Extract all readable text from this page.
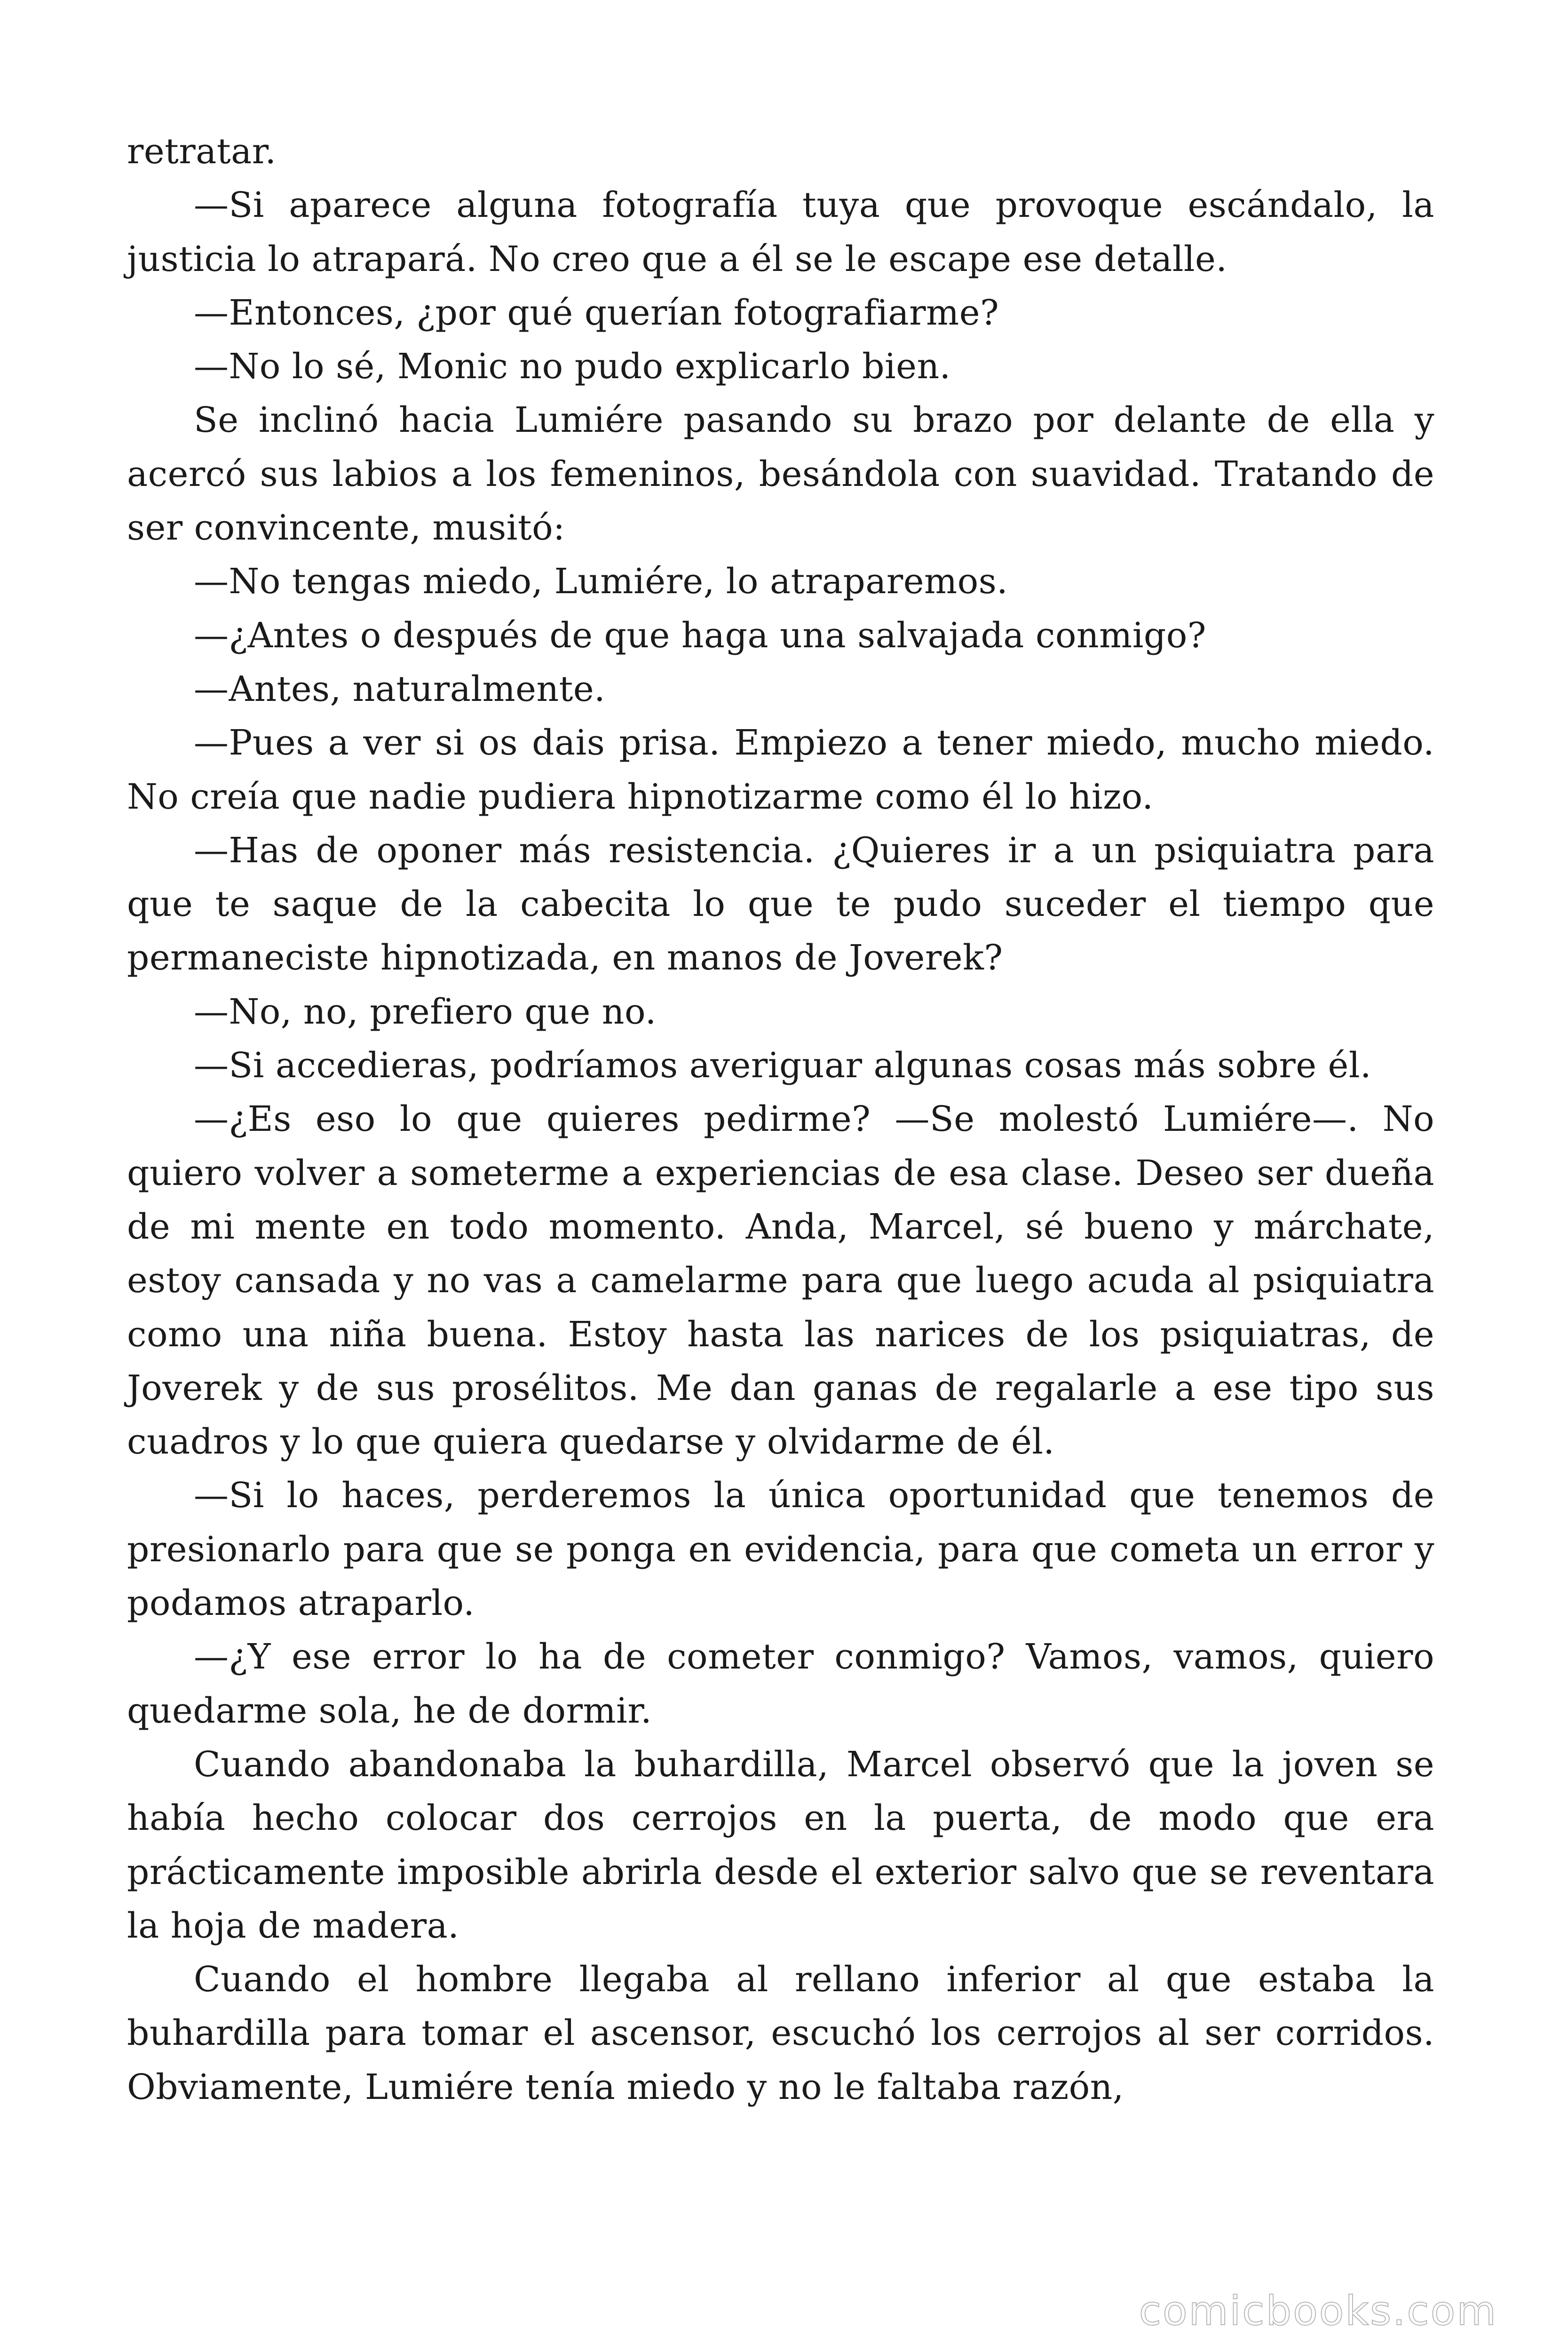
retratar.

—Si aparece alguna fotografía tuya que provoque escándalo, la justicia lo atrapará. No creo que a él se le escape ese detalle.

—Entonces, ¿por qué querían fotografiarme?

—No lo sé, Monic no pudo explicarlo bien.

Se inclinó hacia Lumiére pasando su brazo por delante de ella y acercó sus labios a los femeninos, besándola con suavidad. Tratando de ser convincente, musitó:

—No tengas miedo, Lumiére, lo atraparemos.

—¿Antes o después de que haga una salvajada conmigo?

—Antes, naturalmente.

—Pues a ver si os dais prisa. Empiezo a tener miedo, mucho miedo. No creía que nadie pudiera hipnotizarme como él lo hizo.

—Has de oponer más resistencia. ¿Quieres ir a un psiquiatra para que te saque de la cabecita lo que te pudo suceder el tiempo que permaneciste hipnotizada, en manos de Joverek?

—No, no, prefiero que no.

—Si accedieras, podríamos averiguar algunas cosas más sobre él.

—¿Es eso lo que quieres pedirme? —Se molestó Lumiére—. No quiero volver a someterme a experiencias de esa clase. Deseo ser dueña de mi mente en todo momento. Anda, Marcel, sé bueno y márchate, estoy cansada y no vas a camelarme para que luego acuda al psiquiatra como una niña buena. Estoy hasta las narices de los psiquiatras, de Joverek y de sus prosélitos. Me dan ganas de regalarle a ese tipo sus cuadros y lo que quiera quedarse y olvidarme de él.

—Si lo haces, perderemos la única oportunidad que tenemos de presionarlo para que se ponga en evidencia, para que cometa un error y podamos atraparlo.

—¿Y ese error lo ha de cometer conmigo? Vamos, vamos, quiero quedarme sola, he de dormir.

Cuando abandonaba la buhardilla, Marcel observó que la joven se había hecho colocar dos cerrojos en la puerta, de modo que era prácticamente imposible abrirla desde el exterior salvo que se reventara la hoja de madera.

Cuando el hombre llegaba al rellano inferior al que estaba la buhardilla para tomar el ascensor, escuchó los cerrojos al ser corridos. Obviamente, Lumiére tenía miedo y no le faltaba razón,

comicbooks.com
